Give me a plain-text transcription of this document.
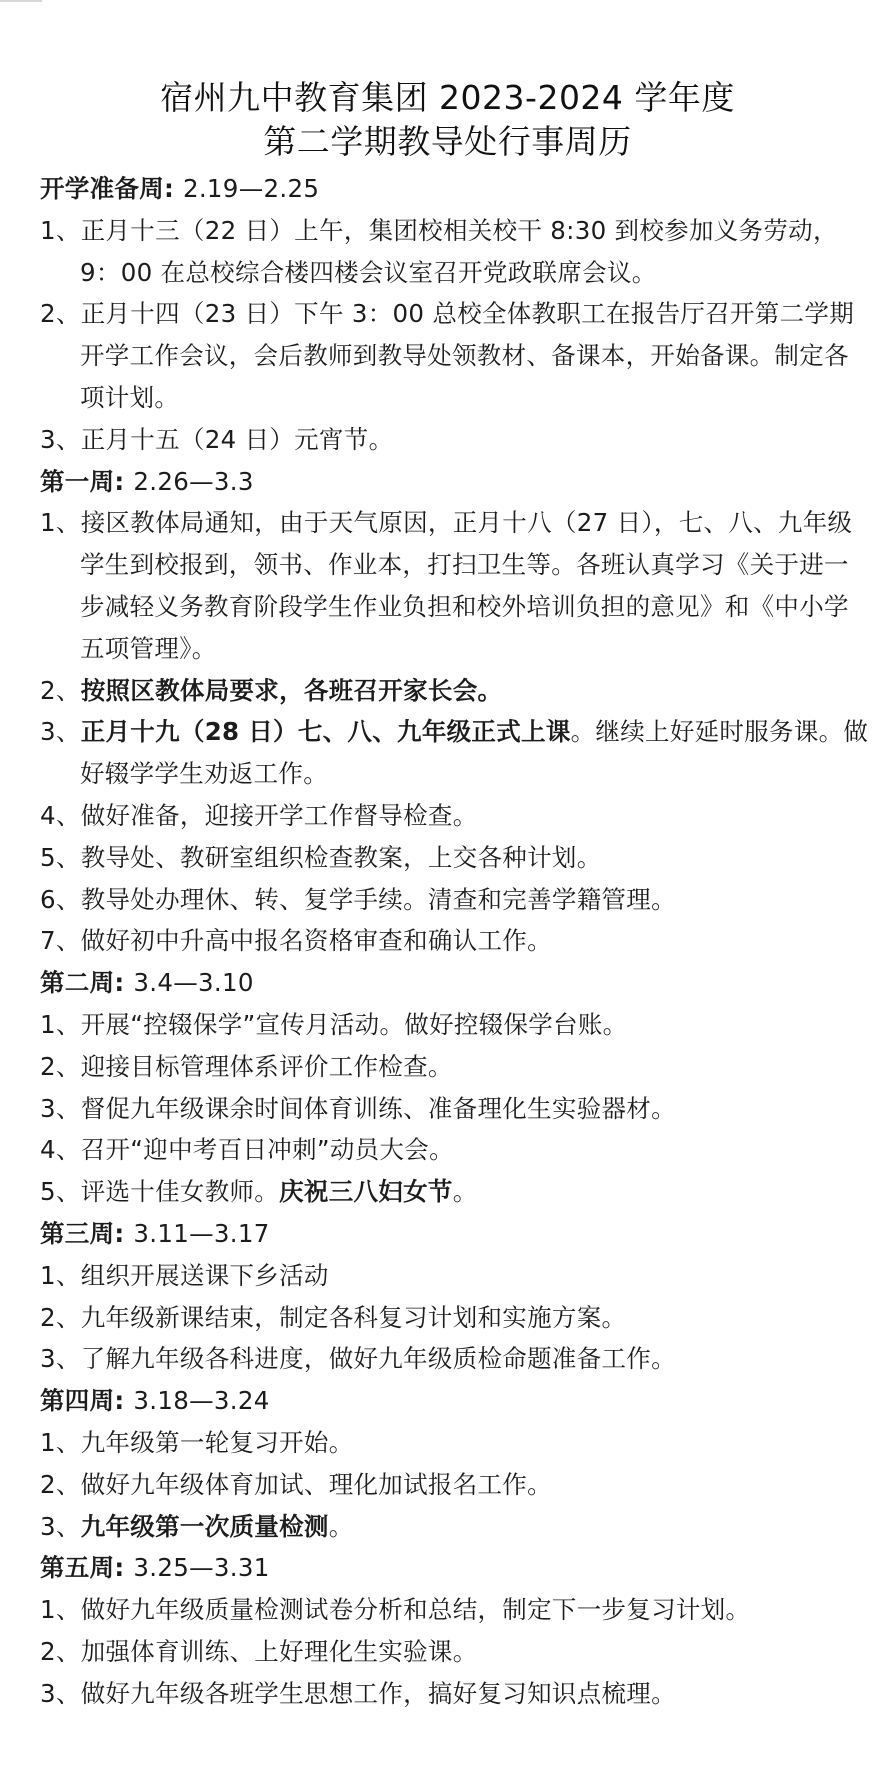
宿州九中教育集团 2023-2024 学年度
第二学期教导处行事周历
开学准备周: 2.19—2.25
1、正月十三（22 日）上午，集团校相关校干 8:30 到校参加义务劳动，9：00 在总校综合楼四楼会议室召开党政联席会议。
2、正月十四（23 日）下午 3：00 总校全体教职工在报告厅召开第二学期开学工作会议，会后教师到教导处领教材、备课本，开始备课。制定各项计划。
3、正月十五（24 日）元宵节。
第一周: 2.26—3.3
1、接区教体局通知，由于天气原因，正月十八（27 日），七、八、九年级学生到校报到，领书、作业本，打扫卫生等。各班认真学习《关于进一步减轻义务教育阶段学生作业负担和校外培训负担的意见》和《中小学五项管理》。
2、按照区教体局要求，各班召开家长会。
3、正月十九（28 日）七、八、九年级正式上课。继续上好延时服务课。做好辍学学生劝返工作。
4、做好准备，迎接开学工作督导检查。
5、教导处、教研室组织检查教案，上交各种计划。
6、教导处办理休、转、复学手续。清查和完善学籍管理。
7、做好初中升高中报名资格审查和确认工作。
第二周: 3.4—3.10
1、开展“控辍保学”宣传月活动。做好控辍保学台账。
2、迎接目标管理体系评价工作检查。
3、督促九年级课余时间体育训练、准备理化生实验器材。
4、召开“迎中考百日冲刺”动员大会。
5、评选十佳女教师。庆祝三八妇女节。
第三周: 3.11—3.17
1、组织开展送课下乡活动
2、九年级新课结束，制定各科复习计划和实施方案。
3、了解九年级各科进度，做好九年级质检命题准备工作。
第四周: 3.18—3.24
1、九年级第一轮复习开始。
2、做好九年级体育加试、理化加试报名工作。
3、九年级第一次质量检测。
第五周: 3.25—3.31
1、做好九年级质量检测试卷分析和总结，制定下一步复习计划。
2、加强体育训练、上好理化生实验课。
3、做好九年级各班学生思想工作，搞好复习知识点梳理。
